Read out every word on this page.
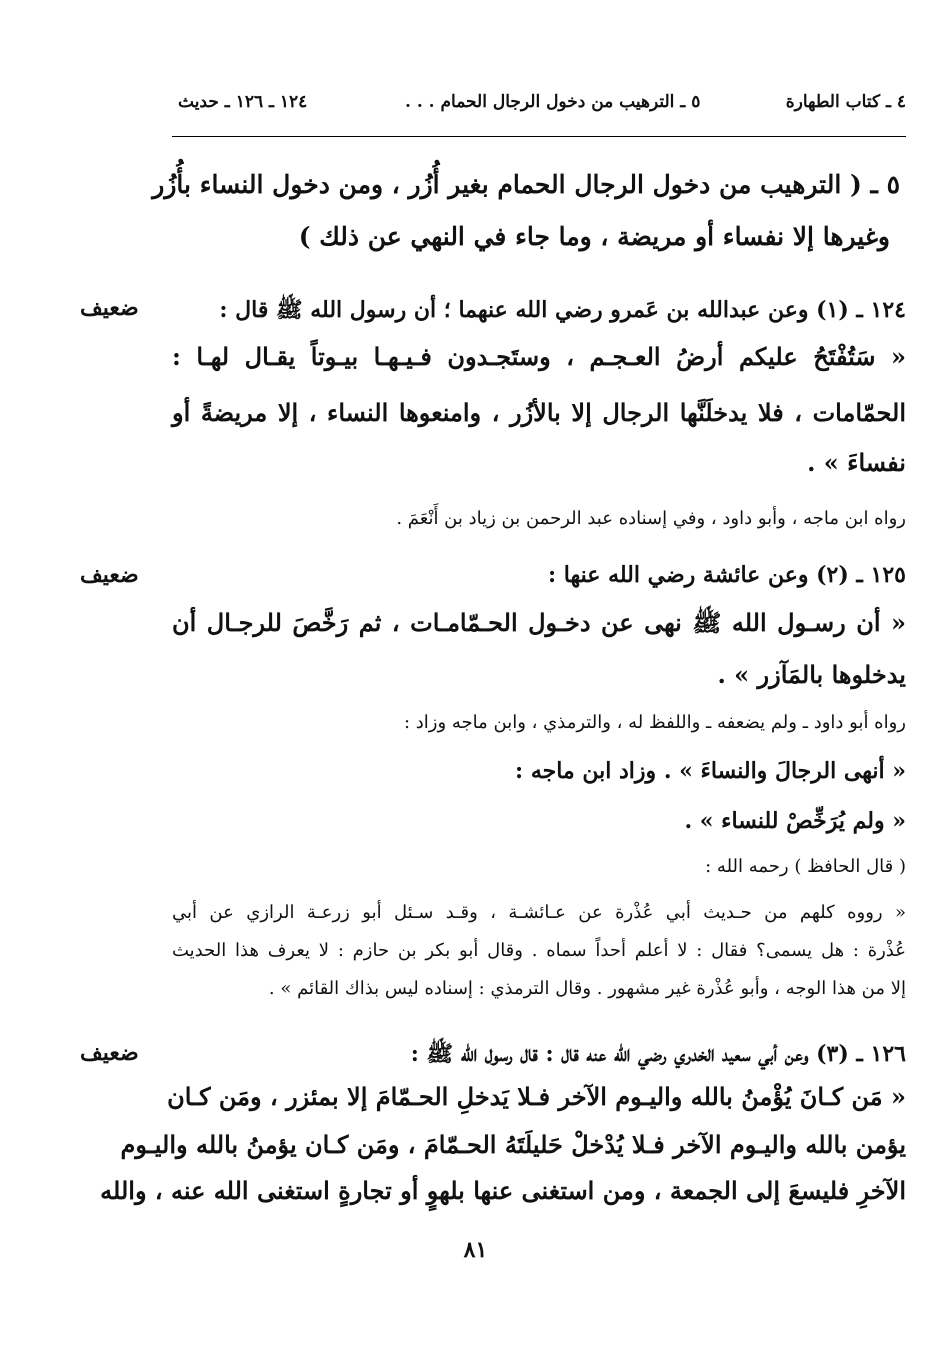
٤ ـ كتاب الطهارة
٥ ـ الترهيب من دخول الرجال الحمام . . .
١٢٤ ـ ١٢٦ ـ حديث
٥ ـ ( الترهيب من دخول الرجال الحمام بغير أُزُر ، ومن دخول النساء بأُزُر
وغيرها إلا نفساء أو مريضة ، وما جاء في النهي عن ذلك )
ضعيف	١٢٤ ـ (١) وعن عبدالله بن عَمرو رضي الله عنهما ؛ أن رسول الله ﷺ قال :
« سَتُفْتَحُ عليكم أرضُ العـجـم ، وستَجـدون فـيـهـا بيـوتاً يقـال لهـا :
الحمّامات ، فلا يدخلَنَّها الرجال إلا بالأزُر ، وامنعوها النساء ، إلا مريضةً أو
نفساءَ » .
رواه ابن ماجه ، وأبو داود ، وفي إسناده عبد الرحمن بن زياد بن أَنْعَمَ .
ضعيف	١٢٥ ـ (٢) وعن عائشة رضي الله عنها :
« أن رسـول الله ﷺ نهى عن دخـول الحـمّامـات ، ثم رَخَّصَ للرجـال أن
يدخلوها بالمَآزر » .
رواه أبو داود ـ ولم يضعفه ـ واللفظ له ، والترمذي ، وابن ماجه وزاد :
« أنهى الرجالَ والنساءَ » . وزاد ابن ماجه :
« ولم يُرَخِّصْ للنساء » .
( قال الحافظ ) رحمه الله :
« رووه كلهم من حـديث أبي عُذْرة عن عـائشـة ، وقـد سـئل أبو زرعـة الرازي عن أبي
عُذْرة : هل يسمى؟ فقال : لا أعلم أحداً سماه . وقال أبو بكر بن حازم : لا يعرف هذا الحديث
إلا من هذا الوجه ، وأبو عُذْرة غير مشهور . وقال الترمذي : إسناده ليس بذاك القائم » .
ضعيف	١٢٦ ـ (٣) وعن أبي سعيد الخدري رضي الله عنه قال : قال رسول الله ﷺ :
« مَن كـانَ يُؤْمنُ بالله واليـوم الآخر فـلا يَدخلِ الحـمّامَ إلا بمئزر ، ومَن كـان
يؤمن بالله واليـوم الآخر فـلا يُدْخلْ حَليلَتَهُ الحـمّامَ ، ومَن كـان يؤمنُ بالله واليـوم
الآخرِ فليسعَ إلى الجمعة ، ومن استغنى عنها بلهوٍ أو تجارةٍ استغنى الله عنه ، والله
٨١
